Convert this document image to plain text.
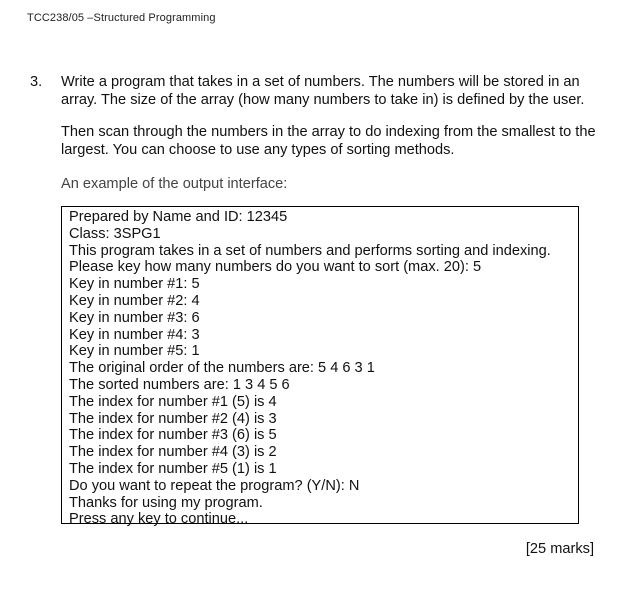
TCC238/05 –Structured Programming
3. Write a program that takes in a set of numbers. The numbers will be stored in an array. The size of the array (how many numbers to take in) is defined by the user.
Then scan through the numbers in the array to do indexing from the smallest to the largest. You can choose to use any types of sorting methods.
An example of the output interface:
Prepared by Name and ID: 12345
Class: 3SPG1
This program takes in a set of numbers and performs sorting and indexing.
Please key how many numbers do you want to sort (max. 20): 5
Key in number #1: 5
Key in number #2: 4
Key in number #3: 6
Key in number #4: 3
Key in number #5: 1
The original order of the numbers are: 5 4 6 3 1
The sorted numbers are: 1 3 4 5 6
The index for number #1 (5) is 4
The index for number #2 (4) is 3
The index for number #3 (6) is 5
The index for number #4 (3) is 2
The index for number #5 (1) is 1
Do you want to repeat the program? (Y/N): N
Thanks for using my program.
Press any key to continue...
[25 marks]
